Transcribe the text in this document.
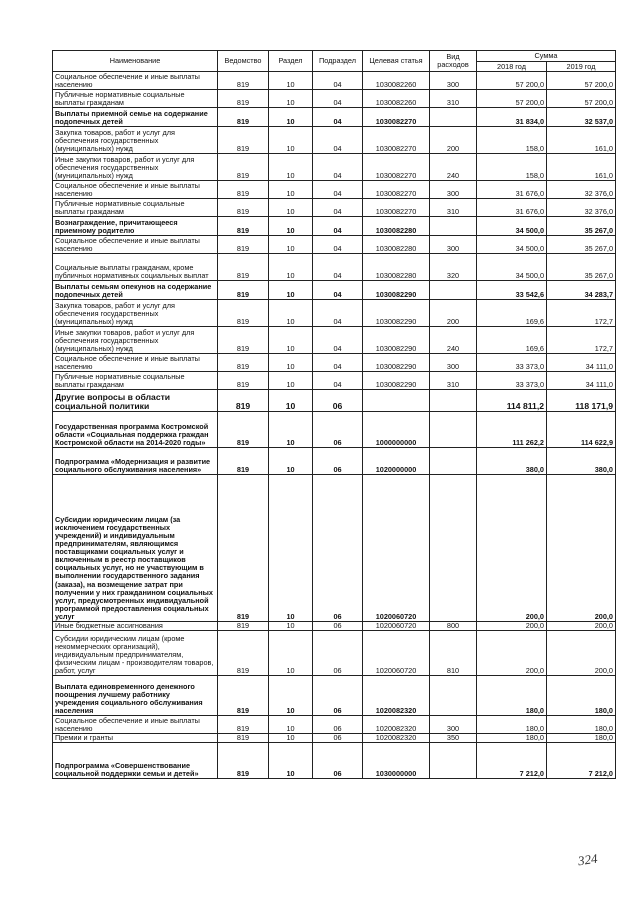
Наименование	Ведомство	Раздел	Подраздел	Целевая статья	Вид расходов	Сумма	
						2018 год	2019 год
Социальное обеспечение и иные выплаты населению	819	10	04	1030082260	300	57 200,0	57 200,0
Публичные нормативные социальные выплаты гражданам	819	10	04	1030082260	310	57 200,0	57 200,0
Выплаты приемной семье на содержание подопечных детей	819	10	04	1030082270		31 834,0	32 537,0
Закупка товаров, работ и услуг для обеспечения государственных (муниципальных) нужд	819	10	04	1030082270	200	158,0	161,0
Иные закупки товаров, работ и услуг для обеспечения государственных (муниципальных) нужд	819	10	04	1030082270	240	158,0	161,0
Социальное обеспечение и иные выплаты населению	819	10	04	1030082270	300	31 676,0	32 376,0
Публичные нормативные социальные выплаты гражданам	819	10	04	1030082270	310	31 676,0	32 376,0
Вознаграждение, причитающееся приемному родителю	819	10	04	1030082280		34 500,0	35 267,0
Социальное обеспечение и иные выплаты населению	819	10	04	1030082280	300	34 500,0	35 267,0
Социальные выплаты гражданам, кроме публичных нормативных социальных выплат	819	10	04	1030082280	320	34 500,0	35 267,0
Выплаты семьям опекунов на содержание подопечных детей	819	10	04	1030082290		33 542,6	34 283,7
Закупка товаров, работ и услуг для обеспечения государственных (муниципальных) нужд	819	10	04	1030082290	200	169,6	172,7
Иные закупки товаров, работ и услуг для обеспечения государственных (муниципальных) нужд	819	10	04	1030082290	240	169,6	172,7
Социальное обеспечение и иные выплаты населению	819	10	04	1030082290	300	33 373,0	34 111,0
Публичные нормативные социальные выплаты гражданам	819	10	04	1030082290	310	33 373,0	34 111,0
Другие вопросы в области социальной политики	819	10	06			114 811,2	118 171,9
Государственная программа Костромской области «Социальная поддержка граждан Костромской области на 2014-2020 годы»	819	10	06	1000000000		111 262,2	114 622,9
Подпрограмма «Модернизация и развитие социального обслуживания населения»	819	10	06	1020000000		380,0	380,0
Субсидии юридическим лицам (за исключением государственных учреждений) и индивидуальным предпринимателям, являющимся поставщиками социальных услуг и включенным в реестр поставщиков социальных услуг, но не участвующим в выполнении государственного задания (заказа), на возмещение затрат при получении у них гражданином социальных услуг, предусмотренных индивидуальной программой предоставления социальных услуг	819	10	06	1020060720		200,0	200,0
Иные бюджетные ассигнования	819	10	06	1020060720	800	200,0	200,0
Субсидии юридическим лицам (кроме некоммерческих организаций), индивидуальным предпринимателям, физическим лицам - производителям товаров, работ, услуг	819	10	06	1020060720	810	200,0	200,0
Выплата единовременного денежного поощрения лучшему работнику учреждения социального обслуживания населения	819	10	06	1020082320		180,0	180,0
Социальное обеспечение и иные выплаты населению	819	10	06	1020082320	300	180,0	180,0
Премии и гранты	819	10	06	1020082320	350	180,0	180,0
Подпрограмма «Совершенствование социальной поддержки семьи и детей»	819	10	06	1030000000		7 212,0	7 212,0
324
